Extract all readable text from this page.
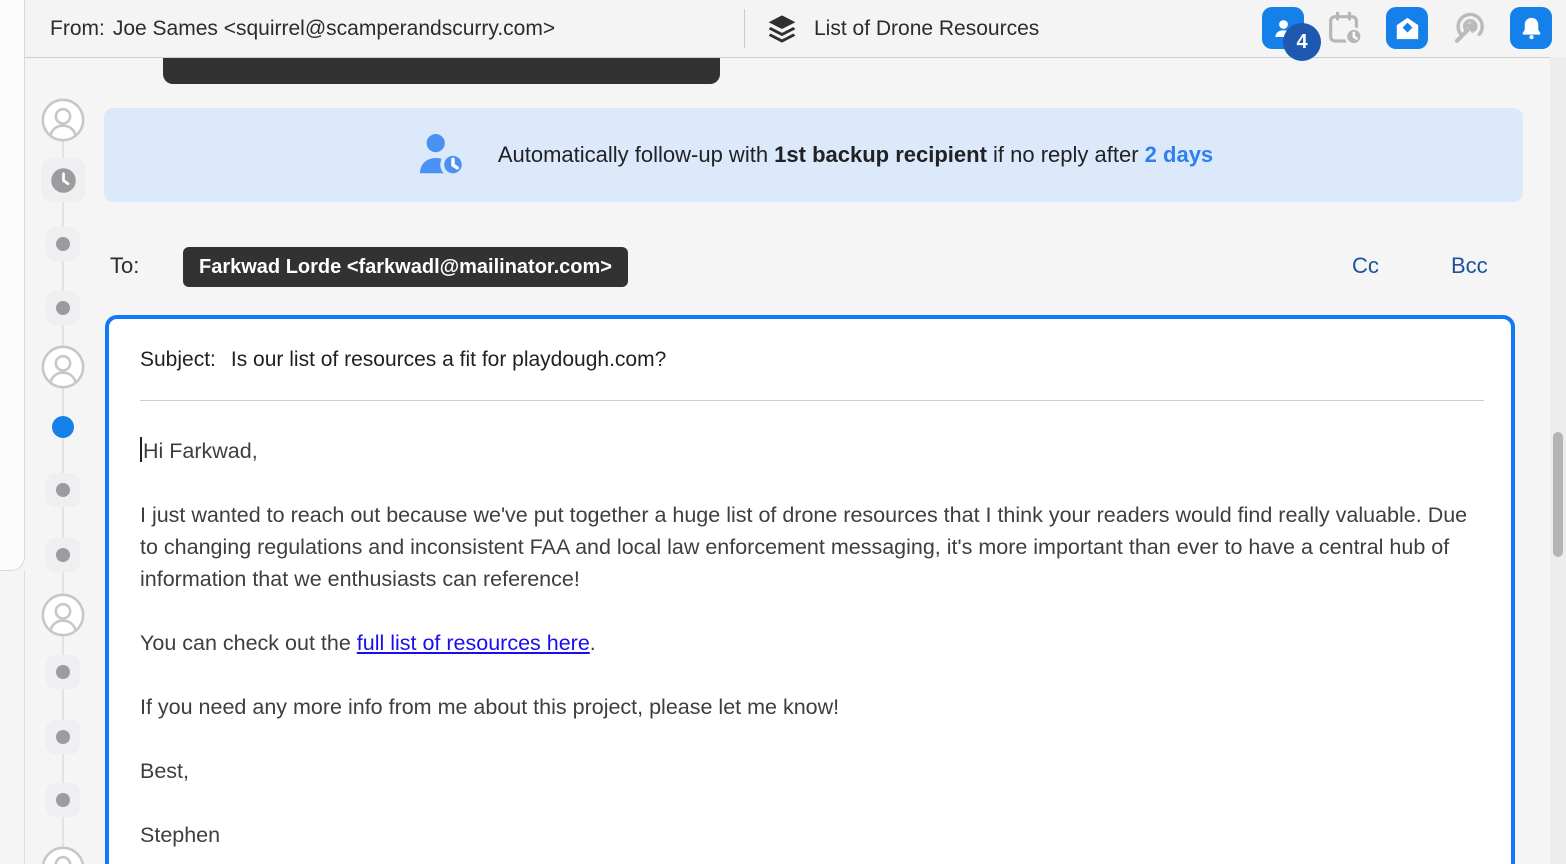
From: Joe Sames <squirrel@scamperandscurry.com>	List of Drone Resources
4
Automatically follow-up with 1st backup recipient if no reply after 2 days
To:	Farkwad Lorde <farkwadl@mailinator.com>	Cc	Bcc
Subject: Is our list of resources a fit for playdough.com?

Hi Farkwad,

I just wanted to reach out because we've put together a huge list of drone resources that I think your readers would find really valuable. Due to changing regulations and inconsistent FAA and local law enforcement messaging, it's more important than ever to have a central hub of information that we enthusiasts can reference!

You can check out the full list of resources here.

If you need any more info from me about this project, please let me know!

Best,

Stephen
